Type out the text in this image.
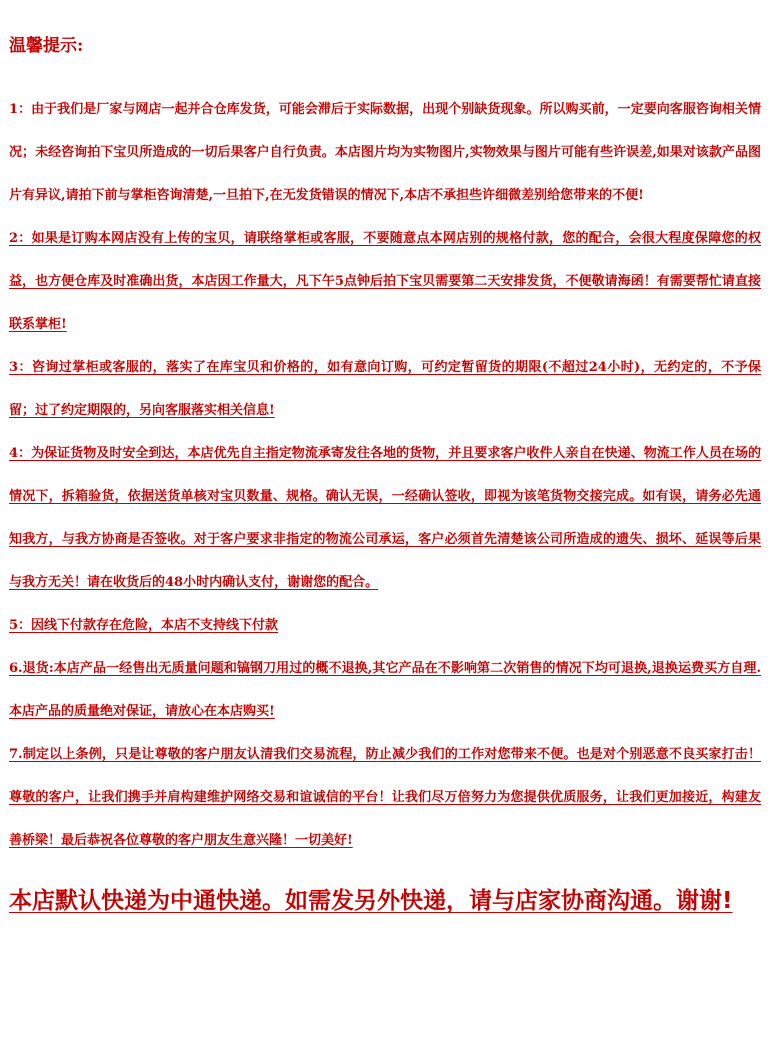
温馨提示:

1：由于我们是厂家与网店一起并合仓库发货，可能会滞后于实际数据，出现个别缺货现象。所以购买前，一定要向客服咨询相关情况；未经咨询拍下宝贝所造成的一切后果客户自行负责。本店图片均为实物图片,实物效果与图片可能有些许误差,如果对该款产品图片有异议,请拍下前与掌柜咨询清楚,一旦拍下,在无发货错误的情况下,本店不承担些许细微差别给您带来的不便!

2：如果是订购本网店没有上传的宝贝，请联络掌柜或客服，不要随意点本网店别的规格付款，您的配合，会很大程度保障您的权益，也方便仓库及时准确出货，本店因工作量大，凡下午5点钟后拍下宝贝需要第二天安排发货，不便敬请海函！有需要帮忙请直接联系掌柜!

3：咨询过掌柜或客服的，落实了在库宝贝和价格的，如有意向订购，可约定暂留货的期限(不超过24小时)，无约定的，不予保留；过了约定期限的，另向客服落实相关信息!

4：为保证货物及时安全到达，本店优先自主指定物流承寄发往各地的货物，并且要求客户收件人亲自在快递、物流工作人员在场的情况下，拆箱验货，依据送货单核对宝贝数量、规格。确认无误，一经确认签收，即视为该笔货物交接完成。如有误，请务必先通知我方，与我方协商是否签收。对于客户要求非指定的物流公司承运，客户必须首先清楚该公司所造成的遗失、损坏、延误等后果与我方无关！请在收货后的48小时内确认支付，谢谢您的配合。

5：因线下付款存在危险，本店不支持线下付款

6.退货:本店产品一经售出无质量问题和镐钢刀用过的概不退换,其它产品在不影响第二次销售的情况下均可退换,退换运费买方自理.本店产品的质量绝对保证，请放心在本店购买!

7.制定以上条例，只是让尊敬的客户朋友认清我们交易流程，防止减少我们的工作对您带来不便。也是对个别恶意不良买家打击！尊敬的客户，让我们携手并肩构建维护网络交易和谊诚信的平台！让我们尽万倍努力为您提供优质服务，让我们更加接近，构建友善桥梁！最后恭祝各位尊敬的客户朋友生意兴隆！一切美好!

本店默认快递为中通快递。如需发另外快递，请与店家协商沟通。谢谢!
